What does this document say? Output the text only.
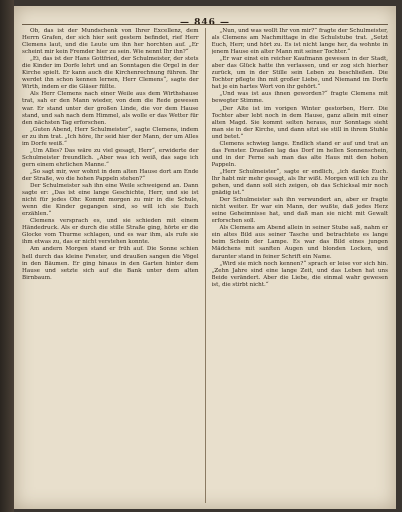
— 846 —

Ob, das ist der Mundschenk von Ihrer Excellenz, dem Herrn Grafen, der sich hier seit gestern befindet, rief Herr Clemens laut, und die Leute um ihn her horchten auf. „Er scheint mir kein Fremder hier zu sein. Wie nennt Ihr ihn?“

„Ei, das ist der Hans Gottfried, der Schulmeister, der stets die Kinder im Dorfe lehrt und an Sonntagen die Orgel in der Kirche spielt. Er kann auch die Kirchenrechnung führen. Ihr werdet ihn schon kennen lernen, Herr Clemens“, sagte der Wirth, indem er die Gläser füllte.

Als Herr Clemens nach einer Weile aus dem Wirthshause trat, sah er den Mann wieder, von dem die Rede gewesen war. Er stand unter der großen Linde, die vor dem Hause stand, und sah nach dem Himmel, als wolle er das Wetter für den nächsten Tag erforschen.

„Guten Abend, Herr Schulmeister“, sagte Clemens, indem er zu ihm trat. „Ich höre, Ihr seid hier der Mann, der um Alles im Dorfe weiß.“

„Um Alles? Das wäre zu viel gesagt, Herr“, erwiderte der Schulmeister freundlich. „Aber was ich weiß, das sage ich gern einem ehrlichen Manne.“

„So sagt mir, wer wohnt in dem alten Hause dort am Ende der Straße, wo die hohen Pappeln stehen?“

Der Schulmeister sah ihn eine Weile schweigend an. Dann sagte er: „Das ist eine lange Geschichte, Herr, und sie ist nicht für jedes Ohr. Kommt morgen zu mir in die Schule, wenn die Kinder gegangen sind, so will ich sie Euch erzählen.“

Clemens versprach es, und sie schieden mit einem Händedruck. Als er durch die stille Straße ging, hörte er die Glocke vom Thurme schlagen, und es war ihm, als rufe sie ihm etwas zu, das er nicht verstehen konnte.

Am andern Morgen stand er früh auf. Die Sonne schien hell durch das kleine Fenster, und draußen sangen die Vögel in den Bäumen. Er ging hinaus in den Garten hinter dem Hause und setzte sich auf die Bank unter dem alten Birnbaum.

„Nun, und was wollt Ihr von mir?“ fragte der Schulmeister, als Clemens am Nachmittage in die Schulstube trat. „Setzt Euch, Herr, und hört zu. Es ist nicht lange her, da wohnte in jenem Hause ein alter Mann mit seiner Tochter.“

„Er war einst ein reicher Kaufmann gewesen in der Stadt, aber das Glück hatte ihn verlassen, und er zog sich hierher zurück, um in der Stille sein Leben zu beschließen. Die Tochter pflegte ihn mit großer Liebe, und Niemand im Dorfe hat je ein hartes Wort von ihr gehört.“

„Und was ist aus ihnen geworden?“ fragte Clemens mit bewegter Stimme.

„Der Alte ist im vorigen Winter gestorben, Herr. Die Tochter aber lebt noch in dem Hause, ganz allein mit einer alten Magd. Sie kommt selten heraus, nur Sonntags sieht man sie in der Kirche, und dann sitzt sie still in ihrem Stuhle und betet.“

Clemens schwieg lange. Endlich stand er auf und trat an das Fenster. Draußen lag das Dorf im hellen Sonnenschein, und in der Ferne sah man das alte Haus mit den hohen Pappeln.

„Herr Schulmeister“, sagte er endlich, „ich danke Euch. Ihr habt mir mehr gesagt, als Ihr wißt. Morgen will ich zu ihr gehen, und dann soll sich zeigen, ob das Schicksal mir noch gnädig ist.“

Der Schulmeister sah ihn verwundert an, aber er fragte nicht weiter. Er war ein Mann, der wußte, daß jedes Herz seine Geheimnisse hat, und daß man sie nicht mit Gewalt erforschen soll.

Als Clemens am Abend allein in seiner Stube saß, nahm er ein altes Bild aus seiner Tasche und betrachtete es lange beim Schein der Lampe. Es war das Bild eines jungen Mädchens mit sanften Augen und blonden Locken, und darunter stand in feiner Schrift ein Name.

„Wird sie mich noch kennen?“ sprach er leise vor sich hin. „Zehn Jahre sind eine lange Zeit, und das Leben hat uns Beide verändert. Aber die Liebe, die einmal wahr gewesen ist, die stirbt nicht.“
